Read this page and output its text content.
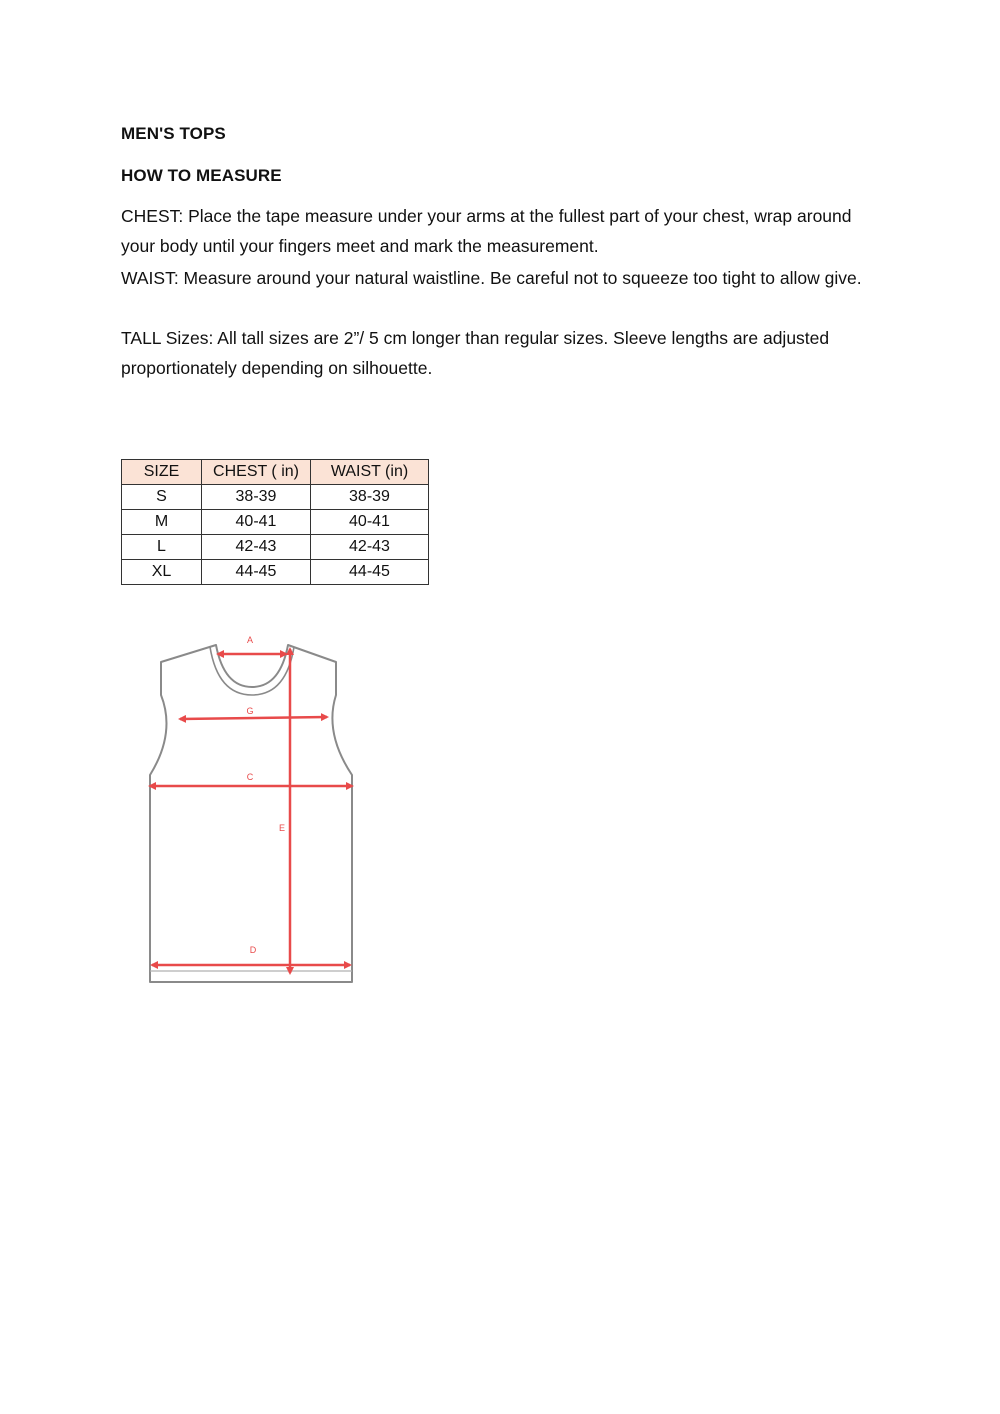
MEN'S TOPS
HOW TO MEASURE

CHEST: Place the tape measure under your arms at the fullest part of your chest, wrap around your body until your fingers meet and mark the measurement.

WAIST: Measure around your natural waistline. Be careful not to squeeze too tight to allow give.

TALL Sizes: All tall sizes are 2”/ 5 cm longer than regular sizes. Sleeve lengths are adjusted proportionately depending on silhouette.

SIZE	CHEST ( in)	WAIST (in)
S	38-39	38-39
M	40-41	40-41
L	42-43	42-43
XL	44-45	44-45
A
G
C
E
D
